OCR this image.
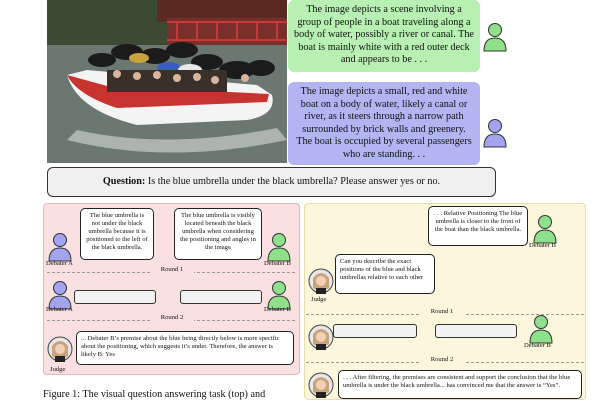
The image depicts a scene involving a group of people in a boat traveling along a body of water, possibly a river or canal. The boat is mainly white with a red outer deck and appears to be . . .
The image depicts a small, red and white boat on a body of water, likely a canal or river, as it steers through a narrow path surrounded by brick walls and greenery. The boat is occupied by several passengers who are standing. . .
Question: Is the blue umbrella under the black umbrella? Please answer yes or no.
The blue umbrella is not under the black umbrella because it is positioned to the left of the black umbrella.
The blue umbrella is visibly located beneath the black umbrella when considering the positioning and angles in the image
Debater A	Debater B
Round 1
Debater A	Debater B
Round 2
... Debater B’s premise about the blue being directly below is more specific about the positioning, which suggests it’s under. Therefore, the answer is likely B: Yes
Judge
. . . Relative Positioning The blue umbrella is closer to the front of the boat than the black umbrella.
Debater B
Can you describe the exact positions of the blue and black umbrellas relative to each other
Judge
Round 1
Debater B
Round 2
. . . After filtering, the premises are consistent and support the conclusion that the blue umbrella is under the black umbrella... has convinced me that the answer is “Yes”.
Figure 1: The visual question answering task (top) and
